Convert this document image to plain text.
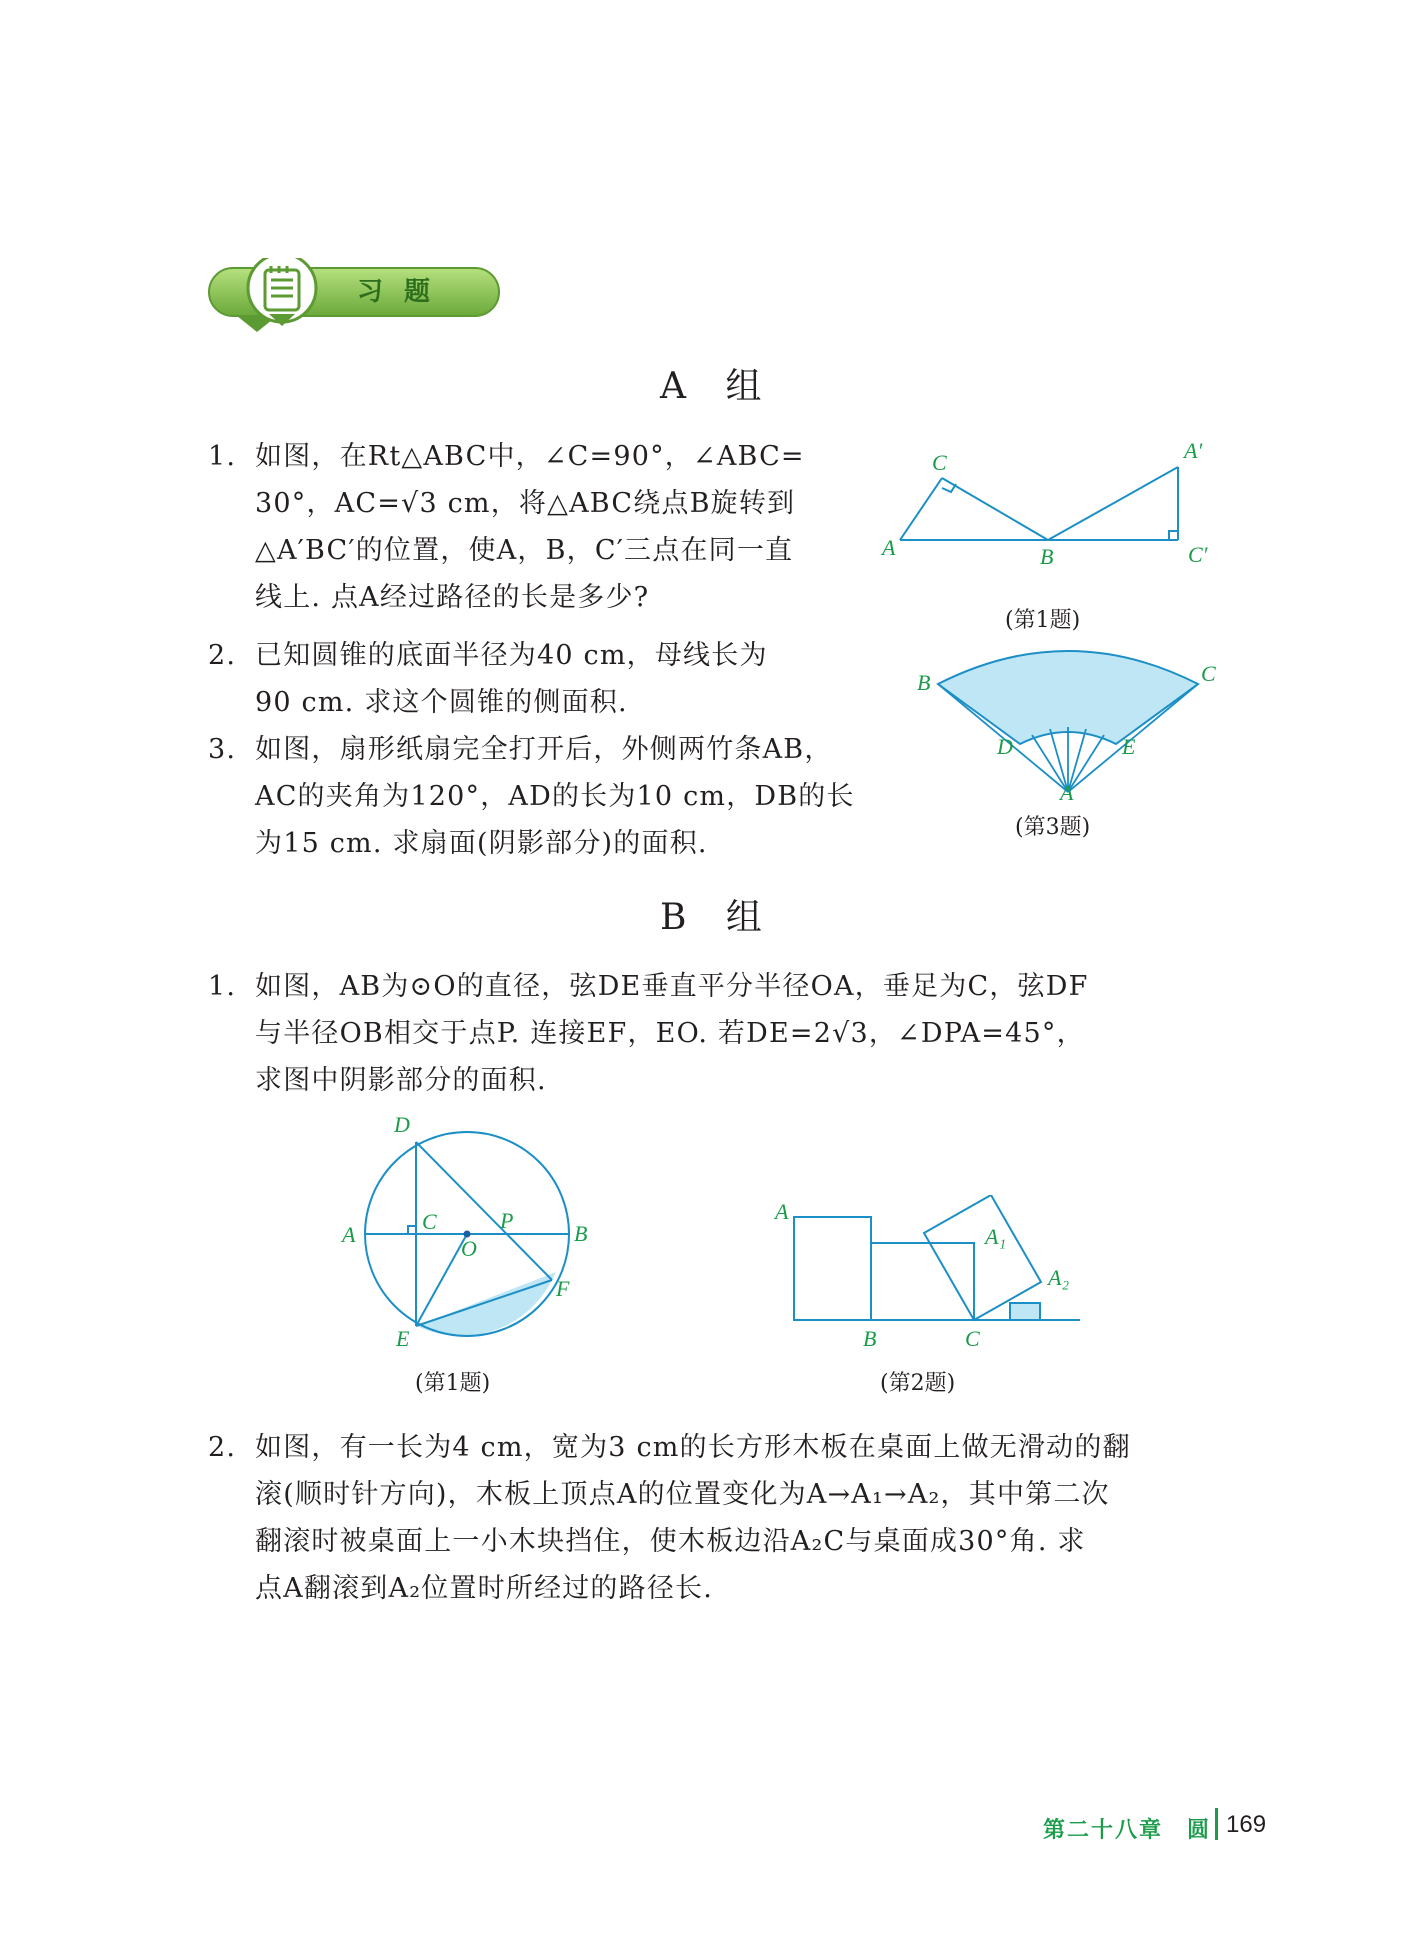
习 题
A 组
1. 如图，在Rt△ABC中，∠C=90°，∠ABC=
30°，AC=√3 cm，将△ABC绕点B旋转到
△A′BC′的位置，使A，B，C′三点在同一直
线上. 点A经过路径的长是多少?
2. 已知圆锥的底面半径为40 cm，母线长为
90 cm. 求这个圆锥的侧面积.
3. 如图，扇形纸扇完全打开后，外侧两竹条AB，
AC的夹角为120°，AD的长为10 cm，DB的长
为15 cm. 求扇面(阴影部分)的面积.
A	B
C	A′
C′
(第1题)
B	C
D	E
A
(第3题)
B 组
1. 如图，AB为⊙O的直径，弦DE垂直平分半径OA，垂足为C，弦DF
与半径OB相交于点P. 连接EF，EO. 若DE=2√3，∠DPA=45°，
求图中阴影部分的面积.
A	B
C
D
E
F
O
P
(第1题)
A
B	C
A₁
A₂
(第2题)
2. 如图，有一长为4 cm，宽为3 cm的长方形木板在桌面上做无滑动的翻
滚(顺时针方向)，木板上顶点A的位置变化为A→A₁→A₂，其中第二次
翻滚时被桌面上一小木块挡住，使木板边沿A₂C与桌面成30°角. 求
点A翻滚到A₂位置时所经过的路径长.
第二十八章　圆 169
